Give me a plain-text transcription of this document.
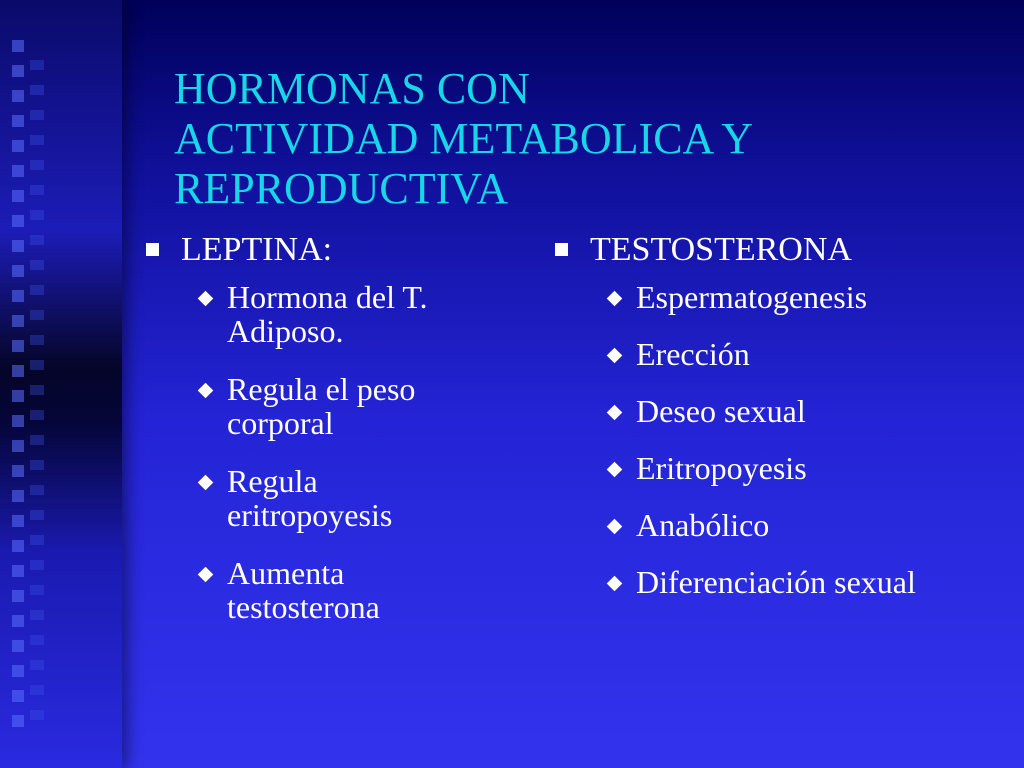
HORMONAS CON
ACTIVIDAD METABOLICA Y
REPRODUCTIVA
LEPTINA:
Hormona del T.
Adiposo.
Regula el peso
corporal
Regula
eritropoyesis
Aumenta
testosterona
TESTOSTERONA
Espermatogenesis
Erección
Deseo sexual
Eritropoyesis
Anabólico
Diferenciación sexual
